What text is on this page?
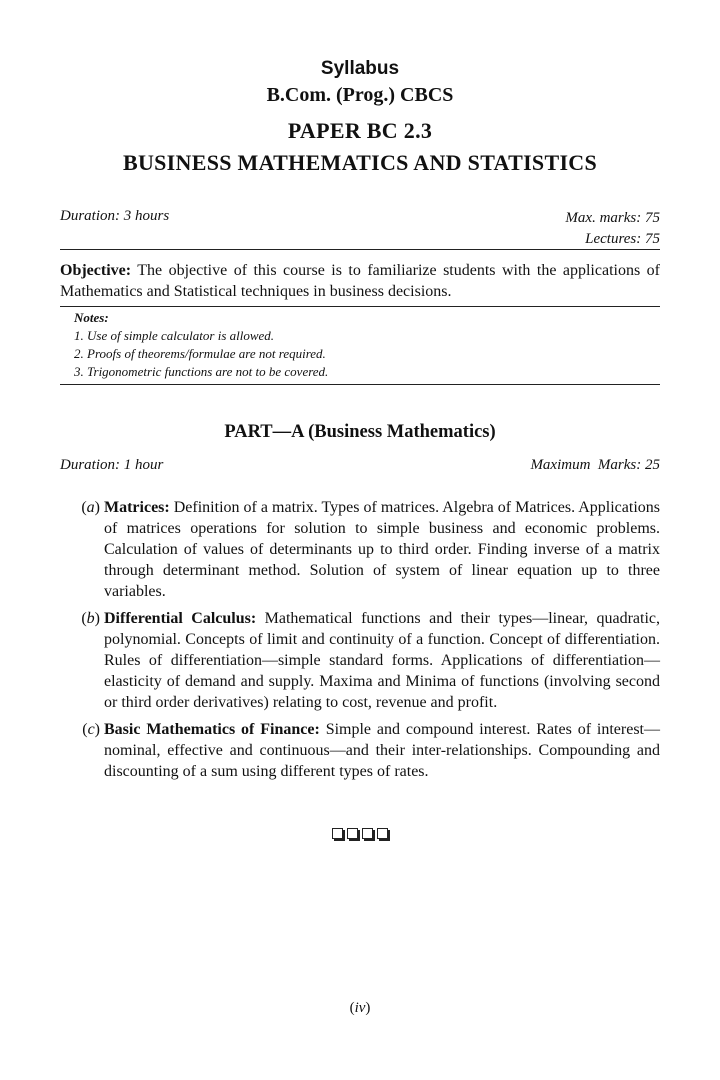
Syllabus
B.Com. (Prog.) CBCS
PAPER BC 2.3
BUSINESS MATHEMATICS AND STATISTICS
Duration: 3 hours	Max. marks: 75
Lectures: 75
Objective: The objective of this course is to familiarize students with the applications of Mathematics and Statistical techniques in business decisions.
Notes:
1. Use of simple calculator is allowed.
2. Proofs of theorems/formulae are not required.
3. Trigonometric functions are not to be covered.
PART—A (Business Mathematics)
Duration: 1 hour	Maximum  Marks: 25
(a) Matrices: Definition of a matrix. Types of matrices. Algebra of Matrices. Applications of matrices operations for solution to simple business and economic problems. Calculation of values of determinants up to third order. Finding inverse of a matrix through determinant method. Solution of system of linear equation up to three variables.
(b) Differential Calculus: Mathematical functions and their types—linear, quadratic, polynomial. Concepts of limit and continuity of a function. Concept of differentiation. Rules of differentiation—simple standard forms. Applications of differentiation—elasticity of demand and supply. Maxima and Minima of functions (involving second or third order derivatives) relating to cost, revenue and profit.
(c) Basic Mathematics of Finance: Simple and compound interest. Rates of interest—nominal, effective and continuous—and their inter-relationships. Compounding and discounting of a sum using different types of rates.
(iv)
